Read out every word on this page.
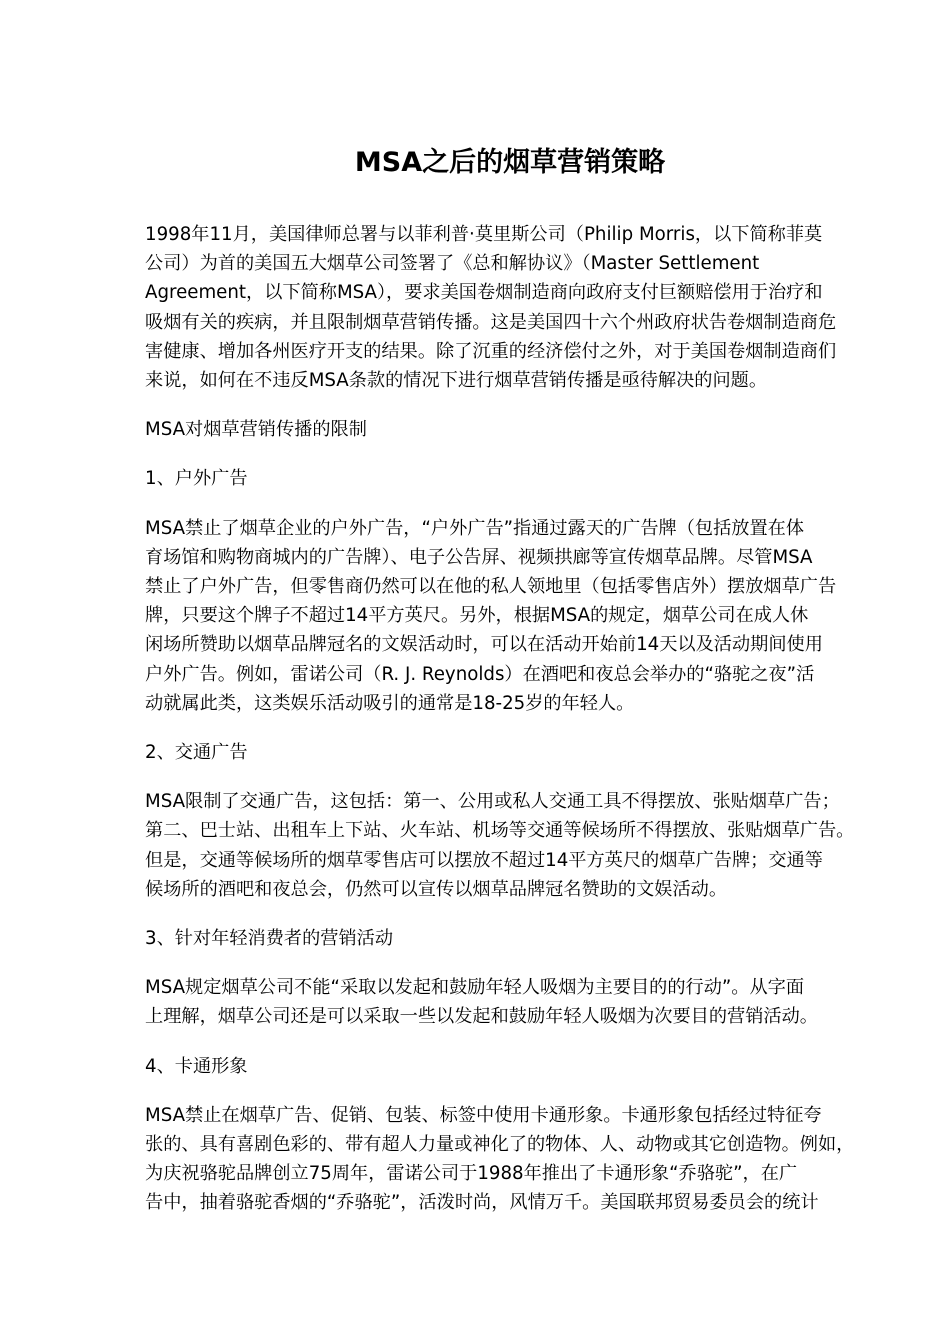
MSA之后的烟草营销策略
1998年11月，美国律师总署与以菲利普·莫里斯公司（Philip Morris，以下简称菲莫
公司）为首的美国五大烟草公司签署了《总和解协议》（Master Settlement
Agreement，以下简称MSA），要求美国卷烟制造商向政府支付巨额赔偿用于治疗和
吸烟有关的疾病，并且限制烟草营销传播。这是美国四十六个州政府状告卷烟制造商危
害健康、增加各州医疗开支的结果。除了沉重的经济偿付之外，对于美国卷烟制造商们
来说，如何在不违反MSA条款的情况下进行烟草营销传播是亟待解决的问题。
MSA对烟草营销传播的限制
1、户外广告
MSA禁止了烟草企业的户外广告，“户外广告”指通过露天的广告牌（包括放置在体
育场馆和购物商城内的广告牌）、电子公告屏、视频拱廊等宣传烟草品牌。尽管MSA
禁止了户外广告，但零售商仍然可以在他的私人领地里（包括零售店外）摆放烟草广告
牌，只要这个牌子不超过14平方英尺。另外，根据MSA的规定，烟草公司在成人休
闲场所赞助以烟草品牌冠名的文娱活动时，可以在活动开始前14天以及活动期间使用
户外广告。例如，雷诺公司（R. J. Reynolds）在酒吧和夜总会举办的“骆驼之夜”活
动就属此类，这类娱乐活动吸引的通常是18-25岁的年轻人。
2、交通广告
MSA限制了交通广告，这包括：第一、公用或私人交通工具不得摆放、张贴烟草广告；
第二、巴士站、出租车上下站、火车站、机场等交通等候场所不得摆放、张贴烟草广告。
但是，交通等候场所的烟草零售店可以摆放不超过14平方英尺的烟草广告牌；交通等
候场所的酒吧和夜总会，仍然可以宣传以烟草品牌冠名赞助的文娱活动。
3、针对年轻消费者的营销活动
MSA规定烟草公司不能“采取以发起和鼓励年轻人吸烟为主要目的的行动”。从字面
上理解，烟草公司还是可以采取一些以发起和鼓励年轻人吸烟为次要目的营销活动。
4、卡通形象
MSA禁止在烟草广告、促销、包装、标签中使用卡通形象。卡通形象包括经过特征夸
张的、具有喜剧色彩的、带有超人力量或神化了的物体、人、动物或其它创造物。例如，
为庆祝骆驼品牌创立75周年，雷诺公司于1988年推出了卡通形象“乔骆驼”，在广
告中，抽着骆驼香烟的“乔骆驼”，活泼时尚，风情万千。美国联邦贸易委员会的统计
